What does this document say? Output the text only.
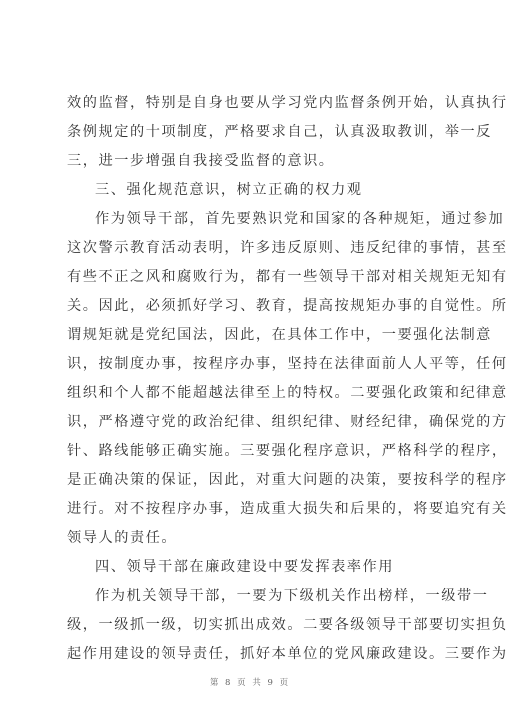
效的监督，特别是自身也要从学习党内监督条例开始，认真执行
条例规定的十项制度，严格要求自己，认真汲取教训，举一反
三，进一步增强自我接受监督的意识。
三、强化规范意识，树立正确的权力观
作为领导干部，首先要熟识党和国家的各种规矩，通过参加
这次警示教育活动表明，许多违反原则、违反纪律的事情，甚至
有些不正之风和腐败行为，都有一些领导干部对相关规矩无知有
关。因此，必须抓好学习、教育，提高按规矩办事的自觉性。所
谓规矩就是党纪国法，因此，在具体工作中，一要强化法制意
识，按制度办事，按程序办事，坚持在法律面前人人平等，任何
组织和个人都不能超越法律至上的特权。二要强化政策和纪律意
识，严格遵守党的政治纪律、组织纪律、财经纪律，确保党的方
针、路线能够正确实施。三要强化程序意识，严格科学的程序，
是正确决策的保证，因此，对重大问题的决策，要按科学的程序
进行。对不按程序办事，造成重大损失和后果的，将要追究有关
领导人的责任。
四、领导干部在廉政建设中要发挥表率作用
作为机关领导干部，一要为下级机关作出榜样，一级带一
级，一级抓一级，切实抓出成效。二要各级领导干部要切实担负
起作用建设的领导责任，抓好本单位的党风廉政建设。三要作为
第 8 页 共 9 页
